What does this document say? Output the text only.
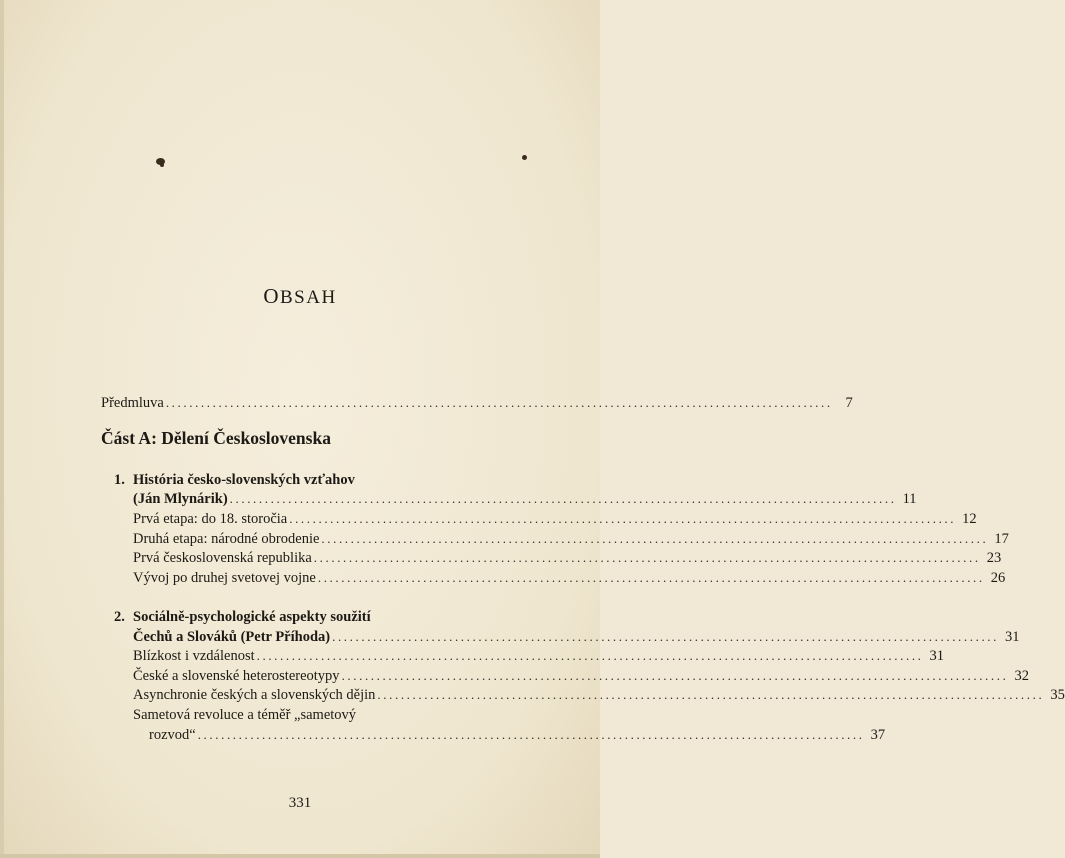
OBSAH
Předmluva .................................................................................................................. 7
Část A: Dělení Československa
1. História česko-slovenských vzťahov
(Ján Mlynárik) .................................................................................................................. 11
Prvá etapa: do 18. storočia .................................................................................................................. 12
Druhá etapa: národné obrodenie .................................................................................................................. 17
Prvá československá republika .................................................................................................................. 23
Vývoj po druhej svetovej vojne .................................................................................................................. 26
2. Sociálně-psychologické aspekty soužití
Čechů a Slováků (Petr Příhoda) .................................................................................................................. 31
Blízkost i vzdálenost .................................................................................................................. 31
České a slovenské heterostereotypy .................................................................................................................. 32
Asynchronie českých a slovenských dějin .................................................................................................................. 35
Sametová revoluce a téměř „sametový
rozvod“ .................................................................................................................. 37
331
